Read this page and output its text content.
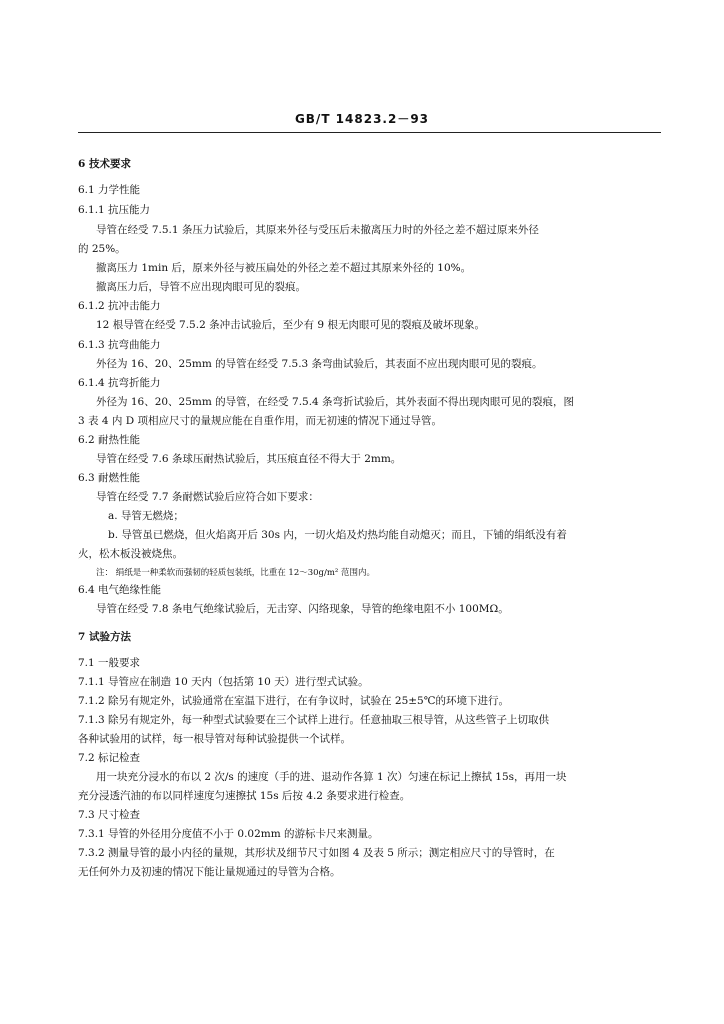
GB/T 14823.2－93
6 技术要求
6.1 力学性能
6.1.1 抗压能力
导管在经受 7.5.1 条压力试验后，其原来外径与受压后未撤离压力时的外径之差不超过原来外径
的 25%。
撤离压力 1min 后，原来外径与被压扁处的外径之差不超过其原来外径的 10%。
撤离压力后，导管不应出现肉眼可见的裂痕。
6.1.2 抗冲击能力
12 根导管在经受 7.5.2 条冲击试验后，至少有 9 根无肉眼可见的裂痕及破坏现象。
6.1.3 抗弯曲能力
外径为 16、20、25mm 的导管在经受 7.5.3 条弯曲试验后，其表面不应出现肉眼可见的裂痕。
6.1.4 抗弯折能力
外径为 16、20、25mm 的导管，在经受 7.5.4 条弯折试验后，其外表面不得出现肉眼可见的裂痕，图
3 表 4 内 D 项相应尺寸的量规应能在自重作用，而无初速的情况下通过导管。
6.2 耐热性能
导管在经受 7.6 条球压耐热试验后，其压痕直径不得大于 2mm。
6.3 耐燃性能
导管在经受 7.7 条耐燃试验后应符合如下要求：
a. 导管无燃烧；
b. 导管虽已燃烧，但火焰离开后 30s 内，一切火焰及灼热均能自动熄灭；而且，下铺的绢纸没有着
火，松木板没被烧焦。
注： 绢纸是一种柔软而强韧的轻质包装纸，比重在 12～30g/m² 范围内。
6.4 电气绝缘性能
导管在经受 7.8 条电气绝缘试验后，无击穿、闪络现象，导管的绝缘电阻不小 100MΩ。
7 试验方法
7.1 一般要求
7.1.1 导管应在制造 10 天内（包括第 10 天）进行型式试验。
7.1.2 除另有规定外，试验通常在室温下进行，在有争议时，试验在 25±5℃的环境下进行。
7.1.3 除另有规定外，每一种型式试验要在三个试样上进行。任意抽取三根导管，从这些管子上切取供
各种试验用的试样，每一根导管对每种试验提供一个试样。
7.2 标记检查
用一块充分浸水的布以 2 次/s 的速度（手的进、退动作各算 1 次）匀速在标记上擦拭 15s，再用一块
充分浸透汽油的布以同样速度匀速擦拭 15s 后按 4.2 条要求进行检查。
7.3 尺寸检查
7.3.1 导管的外径用分度值不小于 0.02mm 的游标卡尺来测量。
7.3.2 测量导管的最小内径的量规，其形状及细节尺寸如图 4 及表 5 所示；测定相应尺寸的导管时，在
无任何外力及初速的情况下能让量规通过的导管为合格。
